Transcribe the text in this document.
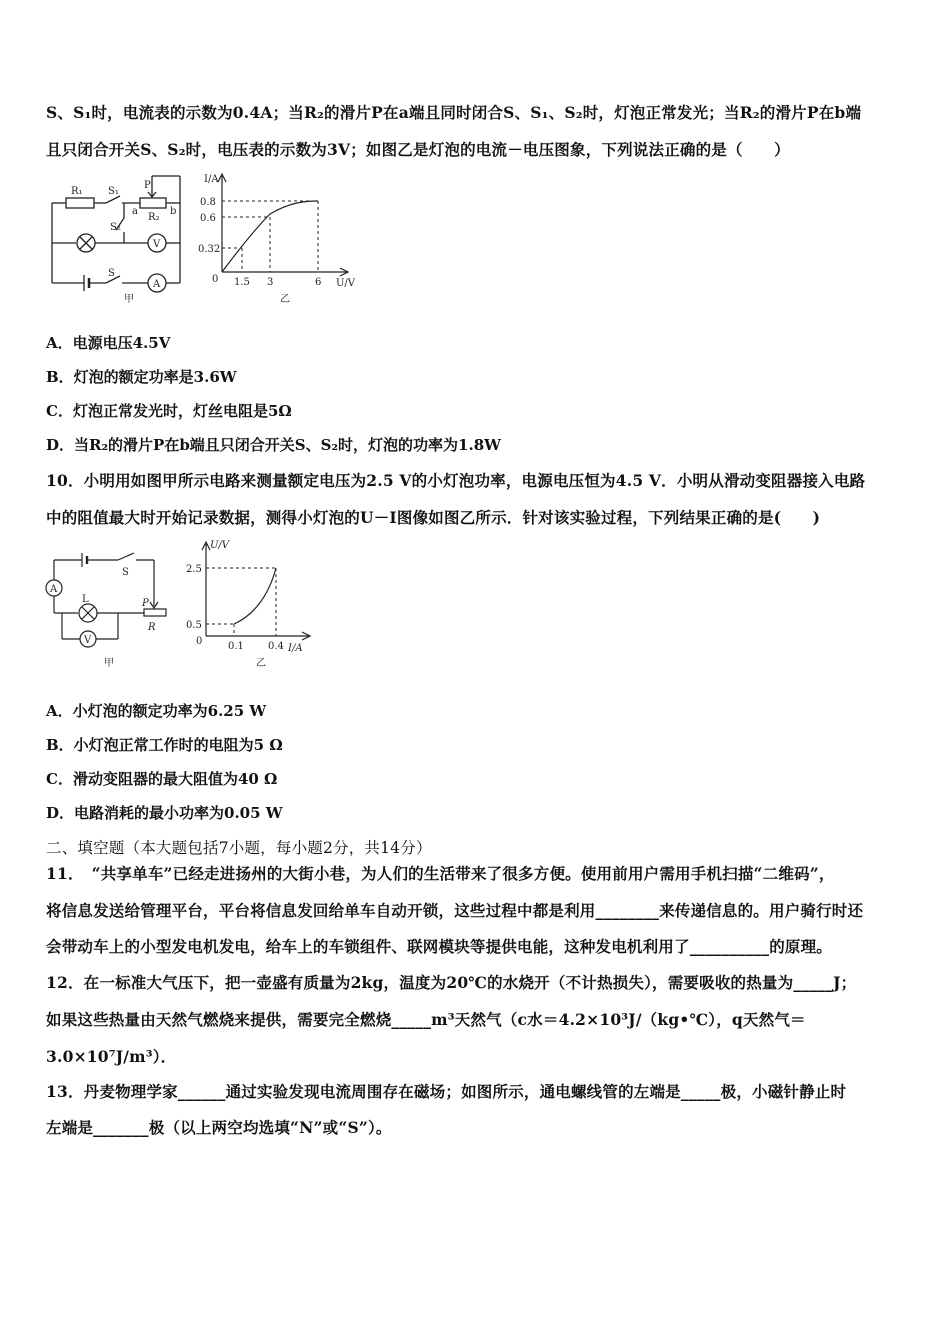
S、S₁时，电流表的示数为0.4A；当R₂的滑片P在a端且同时闭合S、S₁、S₂时，灯泡正常发光；当R₂的滑片P在b端
且只闭合开关S、S₂时，电压表的示数为3V；如图乙是灯泡的电流－电压图象，下列说法正确的是（　　）
R₁	S₁
P
R₂
a	b
S₂
V
S
A
甲
I/A
0.8
0.6
0.32
0 1.5 3	6 U/V
乙
A．电源电压4.5V
B．灯泡的额定功率是3.6W
C．灯泡正常发光时，灯丝电阻是5Ω
D．当R₂的滑片P在b端且只闭合开关S、S₂时，灯泡的功率为1.8W
10．小明用如图甲所示电路来测量额定电压为2.5 V的小灯泡功率，电源电压恒为4.5 V．小明从滑动变阻器接入电路
中的阻值最大时开始记录数据，测得小灯泡的U－I图像如图乙所示．针对该实验过程，下列结果正确的是(　　)
A
S
L	P
R
V
甲
U/V
2.5
0.5
0	0.1 0.4 I/A
乙
A．小灯泡的额定功率为6.25 W
B．小灯泡正常工作时的电阻为5 Ω
C．滑动变阻器的最大阻值为40 Ω
D．电路消耗的最小功率为0.05 W
二、填空题（本大题包括7小题，每小题2分，共14分）
11．　“共享单车”已经走进扬州的大街小巷，为人们的生活带来了很多方便。使用前用户需用手机扫描“二维码”，
将信息发送给管理平台，平台将信息发回给单车自动开锁，这些过程中都是利用________来传递信息的。用户骑行时还
会带动车上的小型发电机发电，给车上的车锁组件、联网模块等提供电能，这种发电机利用了__________的原理。
12．在一标准大气压下，把一壶盛有质量为2kg，温度为20℃的水烧开（不计热损失），需要吸收的热量为_____J；
如果这些热量由天然气燃烧来提供，需要完全燃烧_____m³天然气（c水＝4.2×10³J/（kg•℃），q天然气＝
3.0×10⁷J/m³）．
13．丹麦物理学家______通过实验发现电流周围存在磁场；如图所示，通电螺线管的左端是_____极，小磁针静止时
左端是_______极（以上两空均选填“N”或“S”）。
